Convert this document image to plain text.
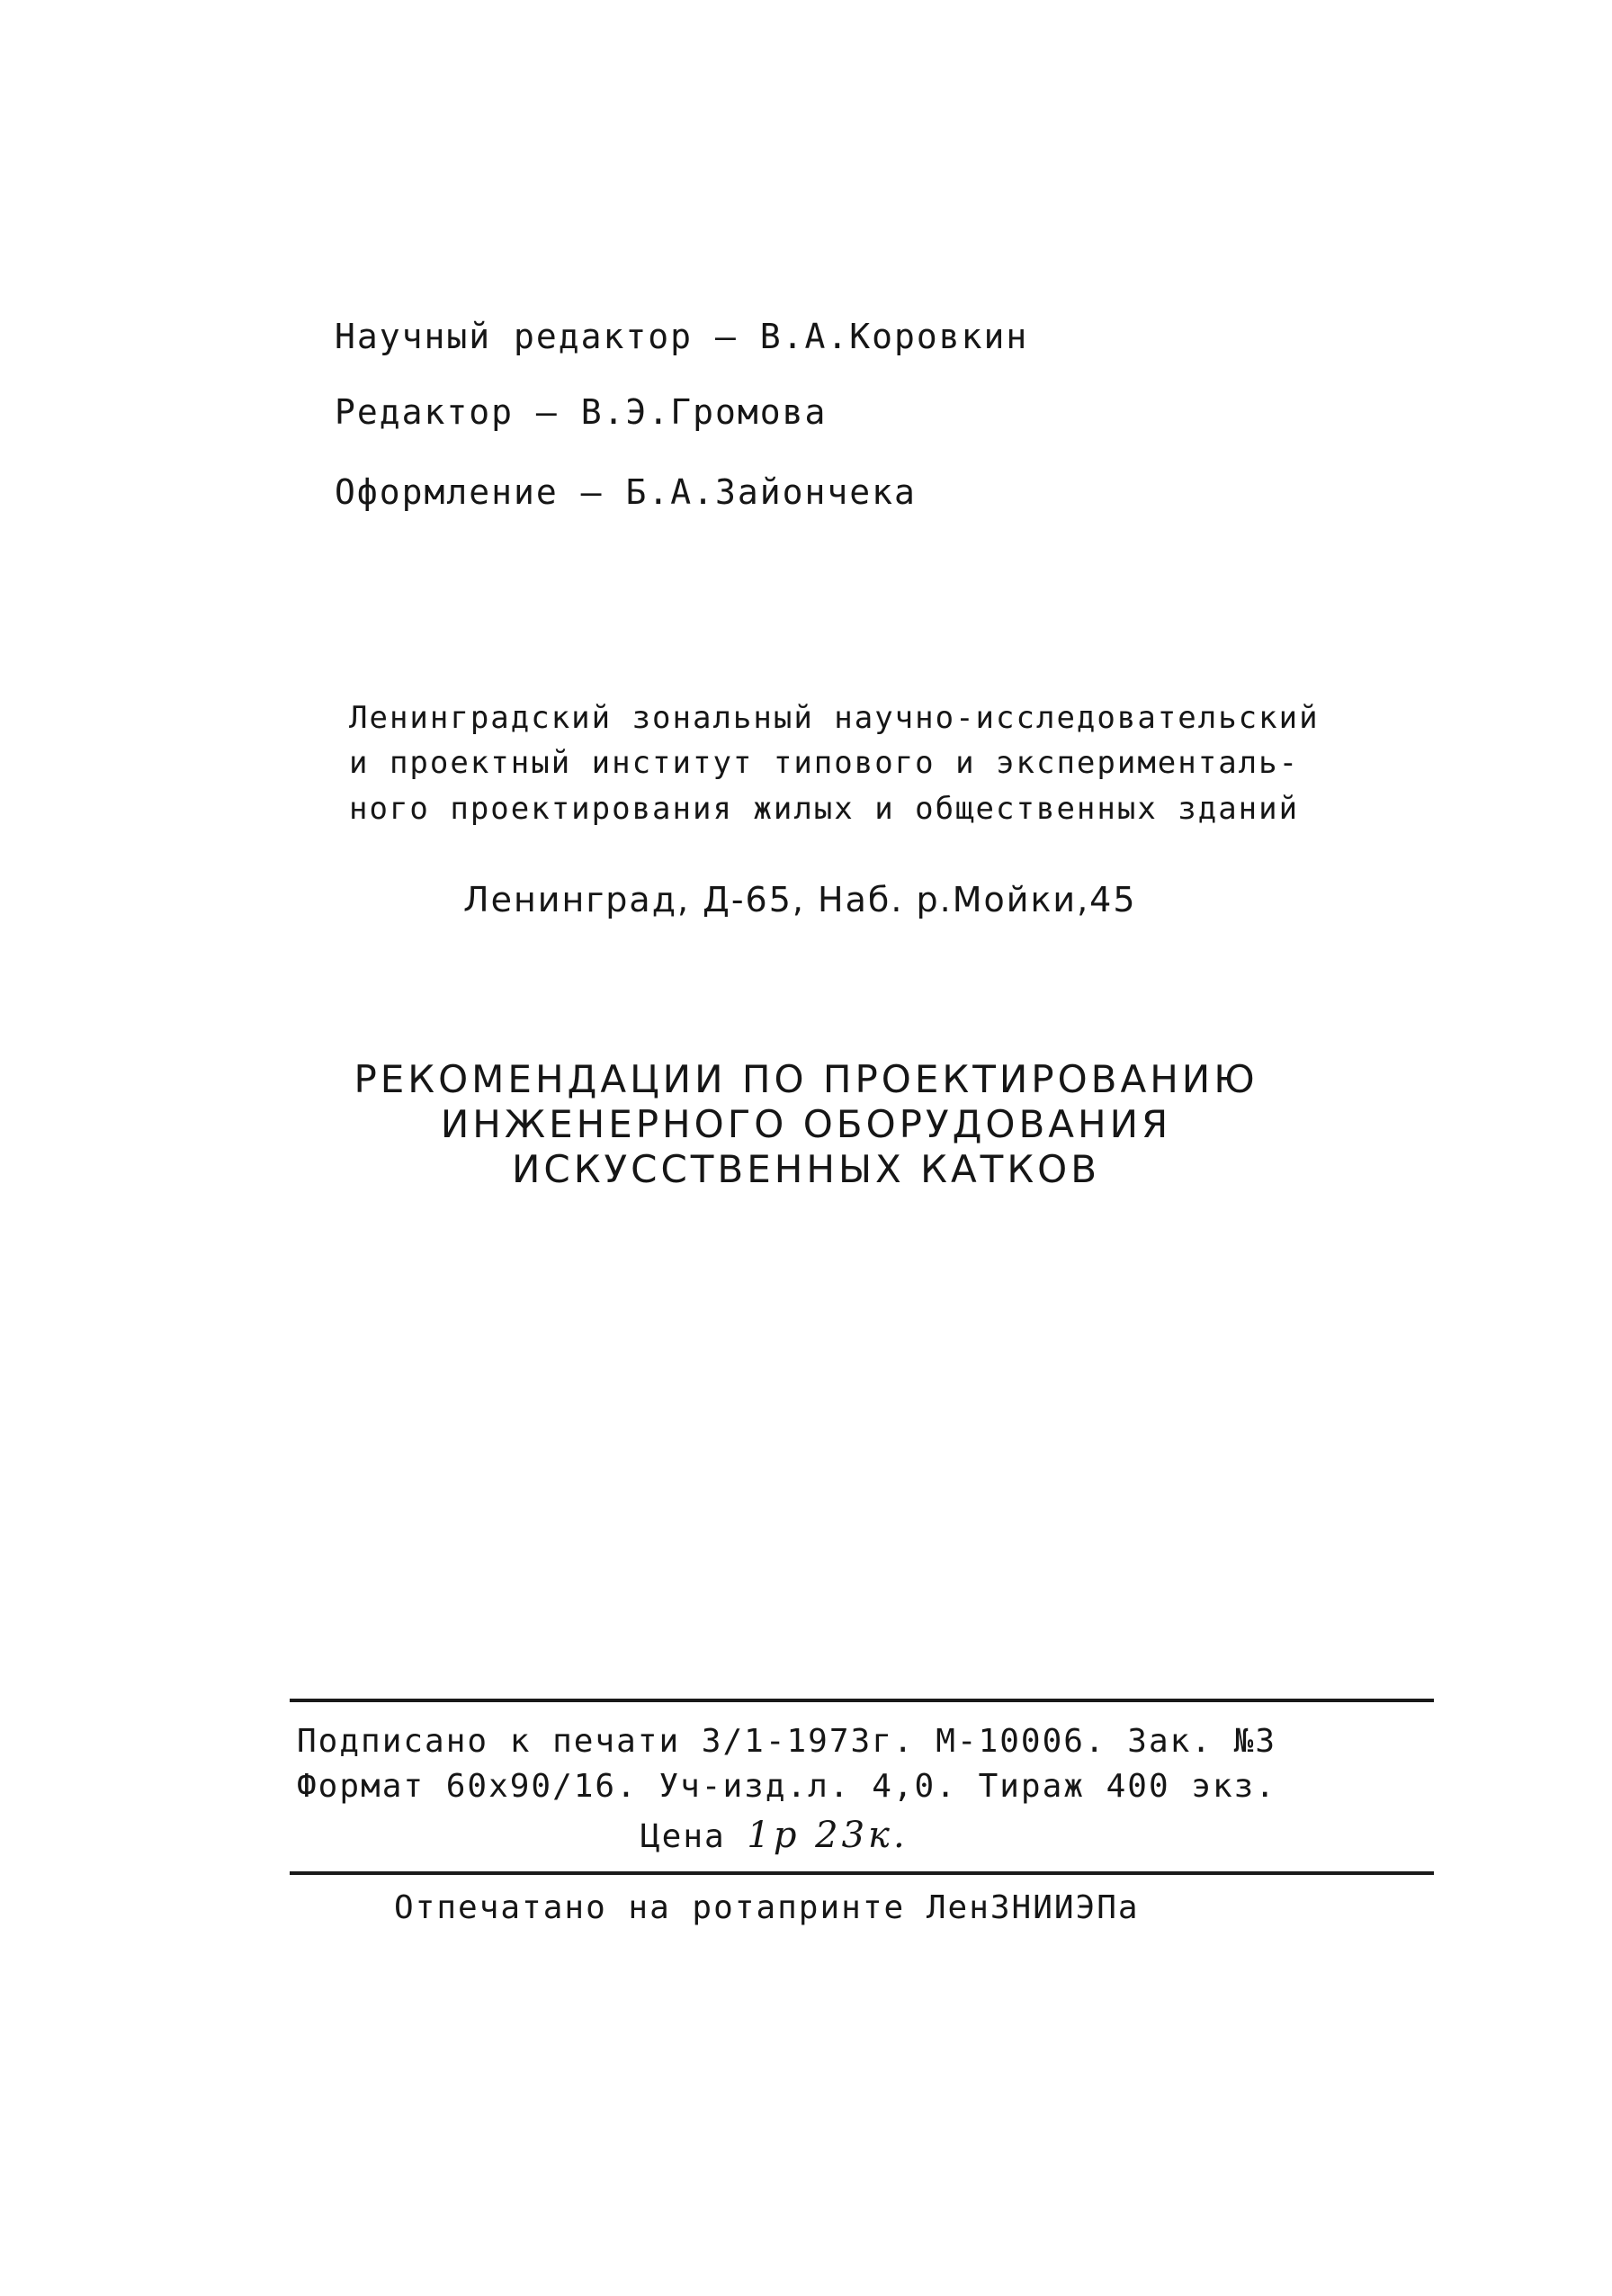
Научный редактор – В.А.Коровкин

Редактор – В.Э.Громова

Оформление – Б.А.Зайончека

Ленинградский зональный научно-исследовательский

и проектный институт типового и эксперименталь-

ного проектирования жилых и общественных зданий

Ленинград, Д-65, Наб. р.Мойки,45

РЕКОМЕНДАЦИИ ПО ПРОЕКТИРОВАНИЮ

ИНЖЕНЕРНОГО ОБОРУДОВАНИЯ

ИСКУССТВЕННЫХ КАТКОВ

Подписано к печати 3/1-1973г. М-10006. Зак. №3

Формат 60х90/16. Уч-изд.л. 4,0. Тираж 400 экз.

Цена 1р 23к.

Отпечатано на ротапринте ЛенЗНИИЭПа
